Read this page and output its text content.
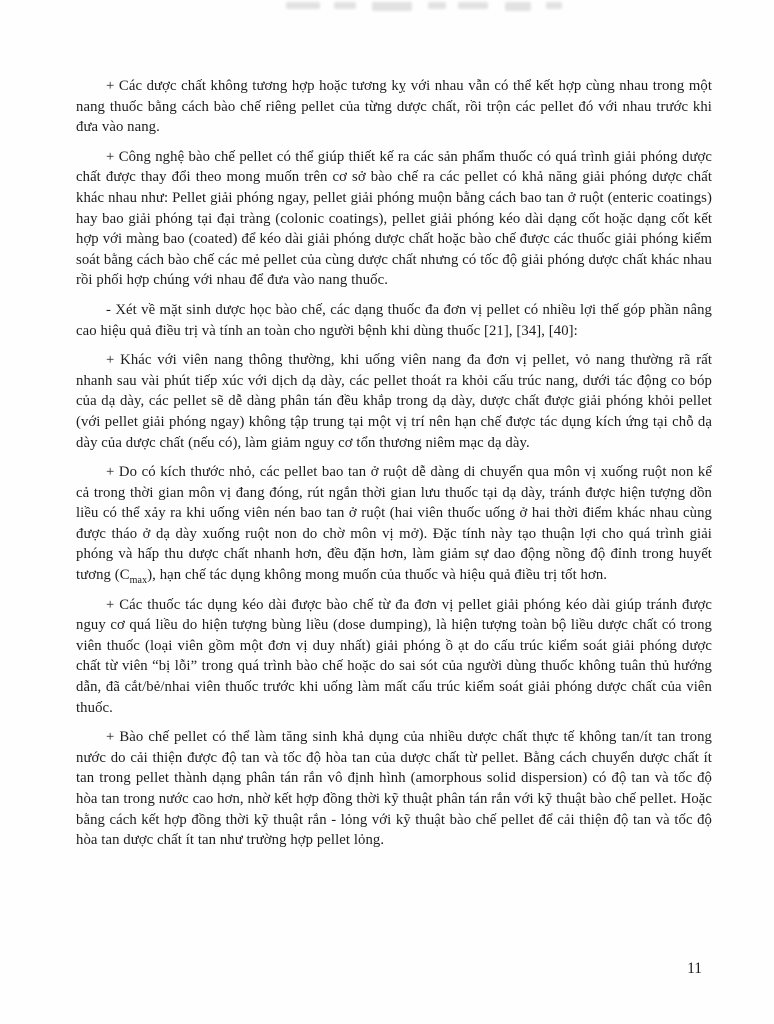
+ Các dược chất không tương hợp hoặc tương kỵ với nhau vẫn có thể kết hợp cùng nhau trong một nang thuốc bằng cách bào chế riêng pellet của từng dược chất, rồi trộn các pellet đó với nhau trước khi đưa vào nang.

+ Công nghệ bào chế pellet có thể giúp thiết kế ra các sản phẩm thuốc có quá trình giải phóng dược chất được thay đổi theo mong muốn trên cơ sở bào chế ra các pellet có khả năng giải phóng dược chất khác nhau như: Pellet giải phóng ngay, pellet giải phóng muộn bằng cách bao tan ở ruột (enteric coatings) hay bao giải phóng tại đại tràng (colonic coatings), pellet giải phóng kéo dài dạng cốt hoặc dạng cốt kết hợp với màng bao (coated) để kéo dài giải phóng dược chất hoặc bào chế được các thuốc giải phóng kiểm soát bằng cách bào chế các mẻ pellet của cùng dược chất nhưng có tốc độ giải phóng dược chất khác nhau rồi phối hợp chúng với nhau để đưa vào nang thuốc.

- Xét về mặt sinh dược học bào chế, các dạng thuốc đa đơn vị pellet có nhiều lợi thế góp phần nâng cao hiệu quả điều trị và tính an toàn cho người bệnh khi dùng thuốc [21], [34], [40]:

+ Khác với viên nang thông thường, khi uống viên nang đa đơn vị pellet, vỏ nang thường rã rất nhanh sau vài phút tiếp xúc với dịch dạ dày, các pellet thoát ra khỏi cấu trúc nang, dưới tác động co bóp của dạ dày, các pellet sẽ dễ dàng phân tán đều khắp trong dạ dày, dược chất được giải phóng khỏi pellet (với pellet giải phóng ngay) không tập trung tại một vị trí nên hạn chế được tác dụng kích ứng tại chỗ dạ dày của dược chất (nếu có), làm giảm nguy cơ tổn thương niêm mạc dạ dày.

+ Do có kích thước nhỏ, các pellet bao tan ở ruột dễ dàng di chuyển qua môn vị xuống ruột non kể cả trong thời gian môn vị đang đóng, rút ngắn thời gian lưu thuốc tại dạ dày, tránh được hiện tượng dồn liều có thể xảy ra khi uống viên nén bao tan ở ruột (hai viên thuốc uống ở hai thời điểm khác nhau cùng được tháo ở dạ dày xuống ruột non do chờ môn vị mở). Đặc tính này tạo thuận lợi cho quá trình giải phóng và hấp thu dược chất nhanh hơn, đều đặn hơn, làm giảm sự dao động nồng độ đỉnh trong huyết tương $(C_{max})$, hạn chế tác dụng không mong muốn của thuốc và hiệu quả điều trị tốt hơn.

+ Các thuốc tác dụng kéo dài được bào chế từ đa đơn vị pellet giải phóng kéo dài giúp tránh được nguy cơ quá liều do hiện tượng bùng liều (dose dumping), là hiện tượng toàn bộ liều dược chất có trong viên thuốc (loại viên gồm một đơn vị duy nhất) giải phóng ồ ạt do cấu trúc kiểm soát giải phóng dược chất từ viên “bị lỗi” trong quá trình bào chế hoặc do sai sót của người dùng thuốc không tuân thủ hướng dẫn, đã cắt/bẻ/nhai viên thuốc trước khi uống làm mất cấu trúc kiểm soát giải phóng dược chất của viên thuốc.

+ Bào chế pellet có thể làm tăng sinh khả dụng của nhiều dược chất thực tế không tan/ít tan trong nước do cải thiện được độ tan và tốc độ hòa tan của dược chất từ pellet. Bằng cách chuyển dược chất ít tan trong pellet thành dạng phân tán rắn vô định hình (amorphous solid dispersion) có độ tan và tốc độ hòa tan trong nước cao hơn, nhờ kết hợp đồng thời kỹ thuật phân tán rắn với kỹ thuật bào chế pellet. Hoặc bằng cách kết hợp đồng thời kỹ thuật rắn - lỏng với kỹ thuật bào chế pellet để cải thiện độ tan và tốc độ hòa tan dược chất ít tan như trường hợp pellet lỏng.

11
